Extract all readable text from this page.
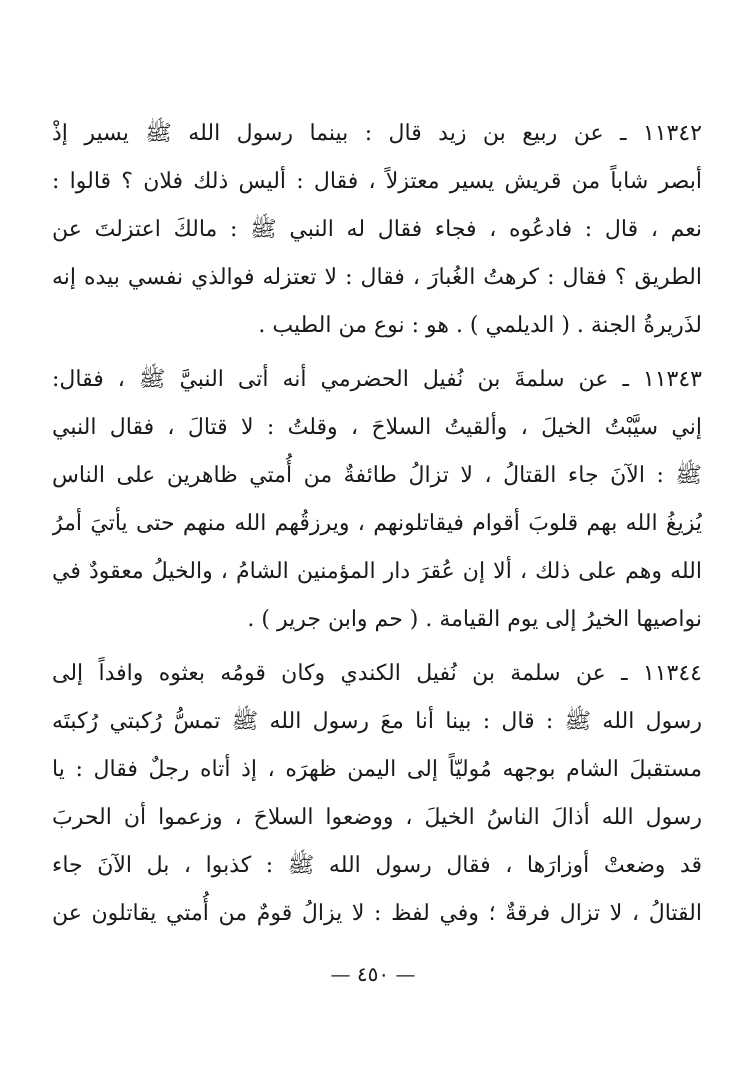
١١٣٤٢ ـ عن ربيع بن زيد قال : بينما رسول الله ﷺ يسير إذْ
أبصر شاباً من قريش يسير معتزلاً ، فقال : أليس ذلك فلان ؟ قالوا :
نعم ، قال : فادعُوه ، فجاء فقال له النبي ﷺ : مالكَ اعتزلتَ عن
الطريق ؟ فقال : كرهتُ الغُبارَ ، فقال : لا تعتزله فوالذي نفسي بيده إنه
لذَريرةُ الجنة . ( الديلمي ) . هو : نوع من الطيب .
١١٣٤٣ ـ عن سلمةَ بن نُفيل الحضرمي أنه أتى النبيَّ ﷺ ، فقال:
إني سيَّبْتُ الخيلَ ، وألقيتُ السلاحَ ، وقلتُ : لا قتالَ ، فقال النبي
ﷺ : الآنَ جاء القتالُ ، لا تزالُ طائفةٌ من أُمتي ظاهرين على الناس
يُزيغُ الله بهم قلوبَ أقوام فيقاتلونهم ، ويرزقُهم الله منهم حتى يأتيَ أمرُ
الله وهم على ذلك ، ألا إن عُقرَ دار المؤمنين الشامُ ، والخيلُ معقودٌ في
نواصيها الخيرُ إلى يوم القيامة . ( حم وابن جرير ) .
١١٣٤٤ ـ عن سلمة بن نُفيل الكندي وكان قومُه بعثوه وافداً إلى
رسول الله ﷺ : قال : بينا أنا معَ رسول الله ﷺ تمسُّ رُكبتي رُكبتَه
مستقبلَ الشام بوجهه مُوليّاً إلى اليمن ظهرَه ، إذ أتاه رجلٌ فقال : يا
رسول الله أذالَ الناسُ الخيلَ ، ووضعوا السلاحَ ، وزعموا أن الحربَ
قد وضعتْ أوزارَها ، فقال رسول الله ﷺ : كذبوا ، بل الآنَ جاء
القتالُ ، لا تزال فرقةٌ ؛ وفي لفظ : لا يزالُ قومٌ من أُمتي يقاتلون عن
— ٤٥٠ —
